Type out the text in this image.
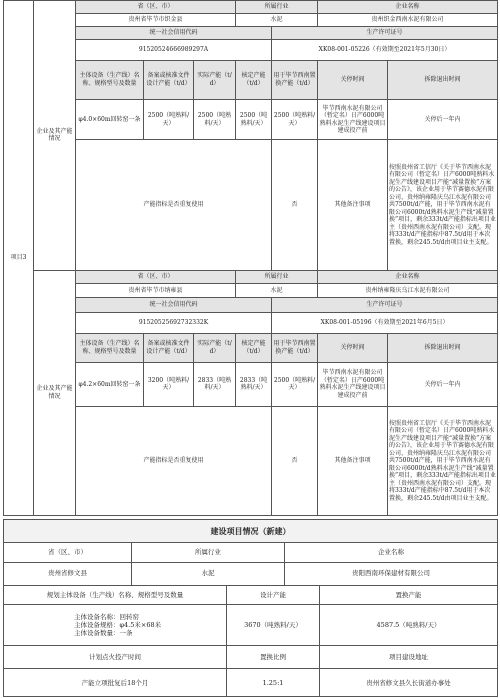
项目3	企业及其产能情况	省（区、市）			所属行业		企业名称	
		贵州省毕节市织金县			水泥		贵州织金西南水泥有限公司	
		统一社会信用代码				生产许可证号		
		91520524666989297A				XK08-001-05226（有效期至2021年5月30日）		
		主体设备（生产线）名称、规格型号及数量	备案或核准文件设计产能（t/d）	实际产能（t/d）	核定产能（t/d）	用于毕节西南置换产能（t/d）	关停时间	拆除退出时间
		φ4.0×60m回转窑一条	2500（吨熟料/天）	2500（吨熟料/天）	2500（吨熟料/天）	2500（吨熟料/天）	毕节西南水泥有限公司（暂定名）日产6000吨熟料水泥生产线建设项目建成投产前	关停后一年内
		产能指标是否重复使用				否	其他备注事项	按照贵州省工信厅《关于毕节西南水泥有限公司（暂定名）日产6000吨熟料水泥生产线建设项目产能“减量置换”方案的公告》，该企业用于毕节赛德水泥有限公司、贵州纳雍隆庆乌江水泥有限公司共7500t/d产能，用于毕节西南水泥有限公司6000t/d熟料水泥生产线“减量置换”项目，剩余333t/d产能指标出项目业主（贵州西南水泥有限公司）支配。现将333t/d产能指标中87.5t/d用于本次置换，剩余245.5t/d由项目业主支配。
	企业及其产能情况	省（区、市）			所属行业		企业名称	
		贵州省毕节市纳雍县			水泥		贵州纳雍隆庆乌江水泥有限公司	
		统一社会信用代码				生产许可证号		
		91520525692732332K				XK08-001-05196（有效期至2021年6月5日）		
		主体设备（生产线）名称、规格型号及数量	备案或核准文件设计产能（t/d）	实际产能（t/d）	核定产能（t/d）	用于毕节西南置换产能（t/d）	关停时间	拆除退出时间
		φ4.2×60m回转窑一条	3200（吨熟料/天）	2833（吨熟料/天）	2833（吨熟料/天）	2500（吨熟料/天）	毕节西南水泥有限公司（暂定名）日产6000吨熟料水泥生产线建设项目建成投产前	关停后一年内
		产能指标是否重复使用				否	其他备注事项	按照贵州省工信厅《关于毕节西南水泥有限公司（暂定名）日产6000吨熟料水泥生产线建设项目产能“减量置换”方案的公告》，该企业用于毕节赛德水泥有限公司、贵州纳雍隆庆乌江水泥有限公司共7500t/d产能，用于毕节西南水泥有限公司6000t/d熟料水泥生产线“减量置换”项目，剩余333t/d产能指标出项目业主（贵州西南水泥有限公司）支配。现将333t/d产能指标中87.5t/d用于本次置换，剩余245.5t/d由项目业主支配。
建设项目情况（新建）				
省（区、市）	所属行业		企业名称	
贵州省修文县	水泥		贵阳西南环保建材有限公司	
规划主体设备（生产线）名称、规格型号及数量		设计产能		置换产能

主体设备名称：回转窑
主体设备规格：φ4.5米×68米
主体设备数量：一条		3670（吨熟料/天）		4587.5（吨熟料/天）
计划点火投产时间		置换比例		项目建设地址
产能立项批复后18个月		1.25:1		贵州省修文县久长街道办事处
